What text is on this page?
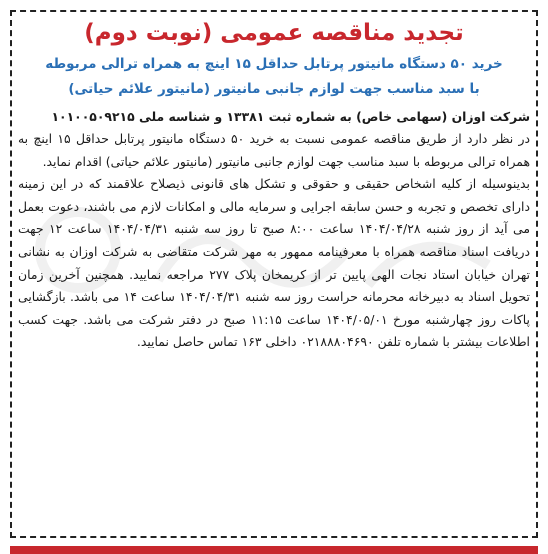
تجدید مناقصه عمومی (نوبت دوم)
خرید ۵۰ دستگاه مانیتور پرتابل حداقل ۱۵ اینچ به همراه ترالی مربوطه
با سبد مناسب جهت لوازم جانبی مانیتور (مانیتور علائم حیاتی)
شرکت اوزان (سهامی خاص) به شماره ثبت ۱۳۳۸۱ و شناسه ملی ۱۰۱۰۰۵۰۹۲۱۵

در نظر دارد از طریق مناقصه عمومی نسبت به خرید ۵۰ دستگاه مانیتور پرتابل حداقل ۱۵ اینچ به همراه ترالی مربوطه با سبد مناسب جهت لوازم جانبی مانیتور (مانیتور علائم حیاتی) اقدام نماید.

بدینوسیله از کلیه اشخاص حقیقی و حقوقی و تشکل های قانونی ذیصلاح علاقمند که در این زمینه دارای تخصص و تجربه و حسن سابقه اجرایی و سرمایه مالی و امکانات لازم می باشند، دعوت بعمل می آید از روز شنبه ۱۴۰۴/۰۴/۲۸ ساعت ۸:۰۰ صبح تا روز سه شنبه ۱۴۰۴/۰۴/۳۱ ساعت ۱۲ جهت دریافت اسناد مناقصه همراه با معرفینامه ممهور به مهر شرکت متقاضی به شرکت اوزان به نشانی تهران خیابان استاد نجات الهی پایین تر از کریمخان پلاک ۲۷۷ مراجعه نمایید. همچنین آخرین زمان تحویل اسناد به دبیرخانه محرمانه حراست روز سه شنبه ۱۴۰۴/۰۴/۳۱ ساعت ۱۴ می باشد. بازگشایی پاکات روز چهارشنبه مورخ ۱۴۰۴/۰۵/۰۱ ساعت ۱۱:۱۵ صبح در دفتر شرکت می باشد. جهت کسب اطلاعات بیشتر با شماره تلفن ۰۲۱۸۸۸۰۴۶۹۰ داخلی ۱۶۳ تماس حاصل نمایید.
